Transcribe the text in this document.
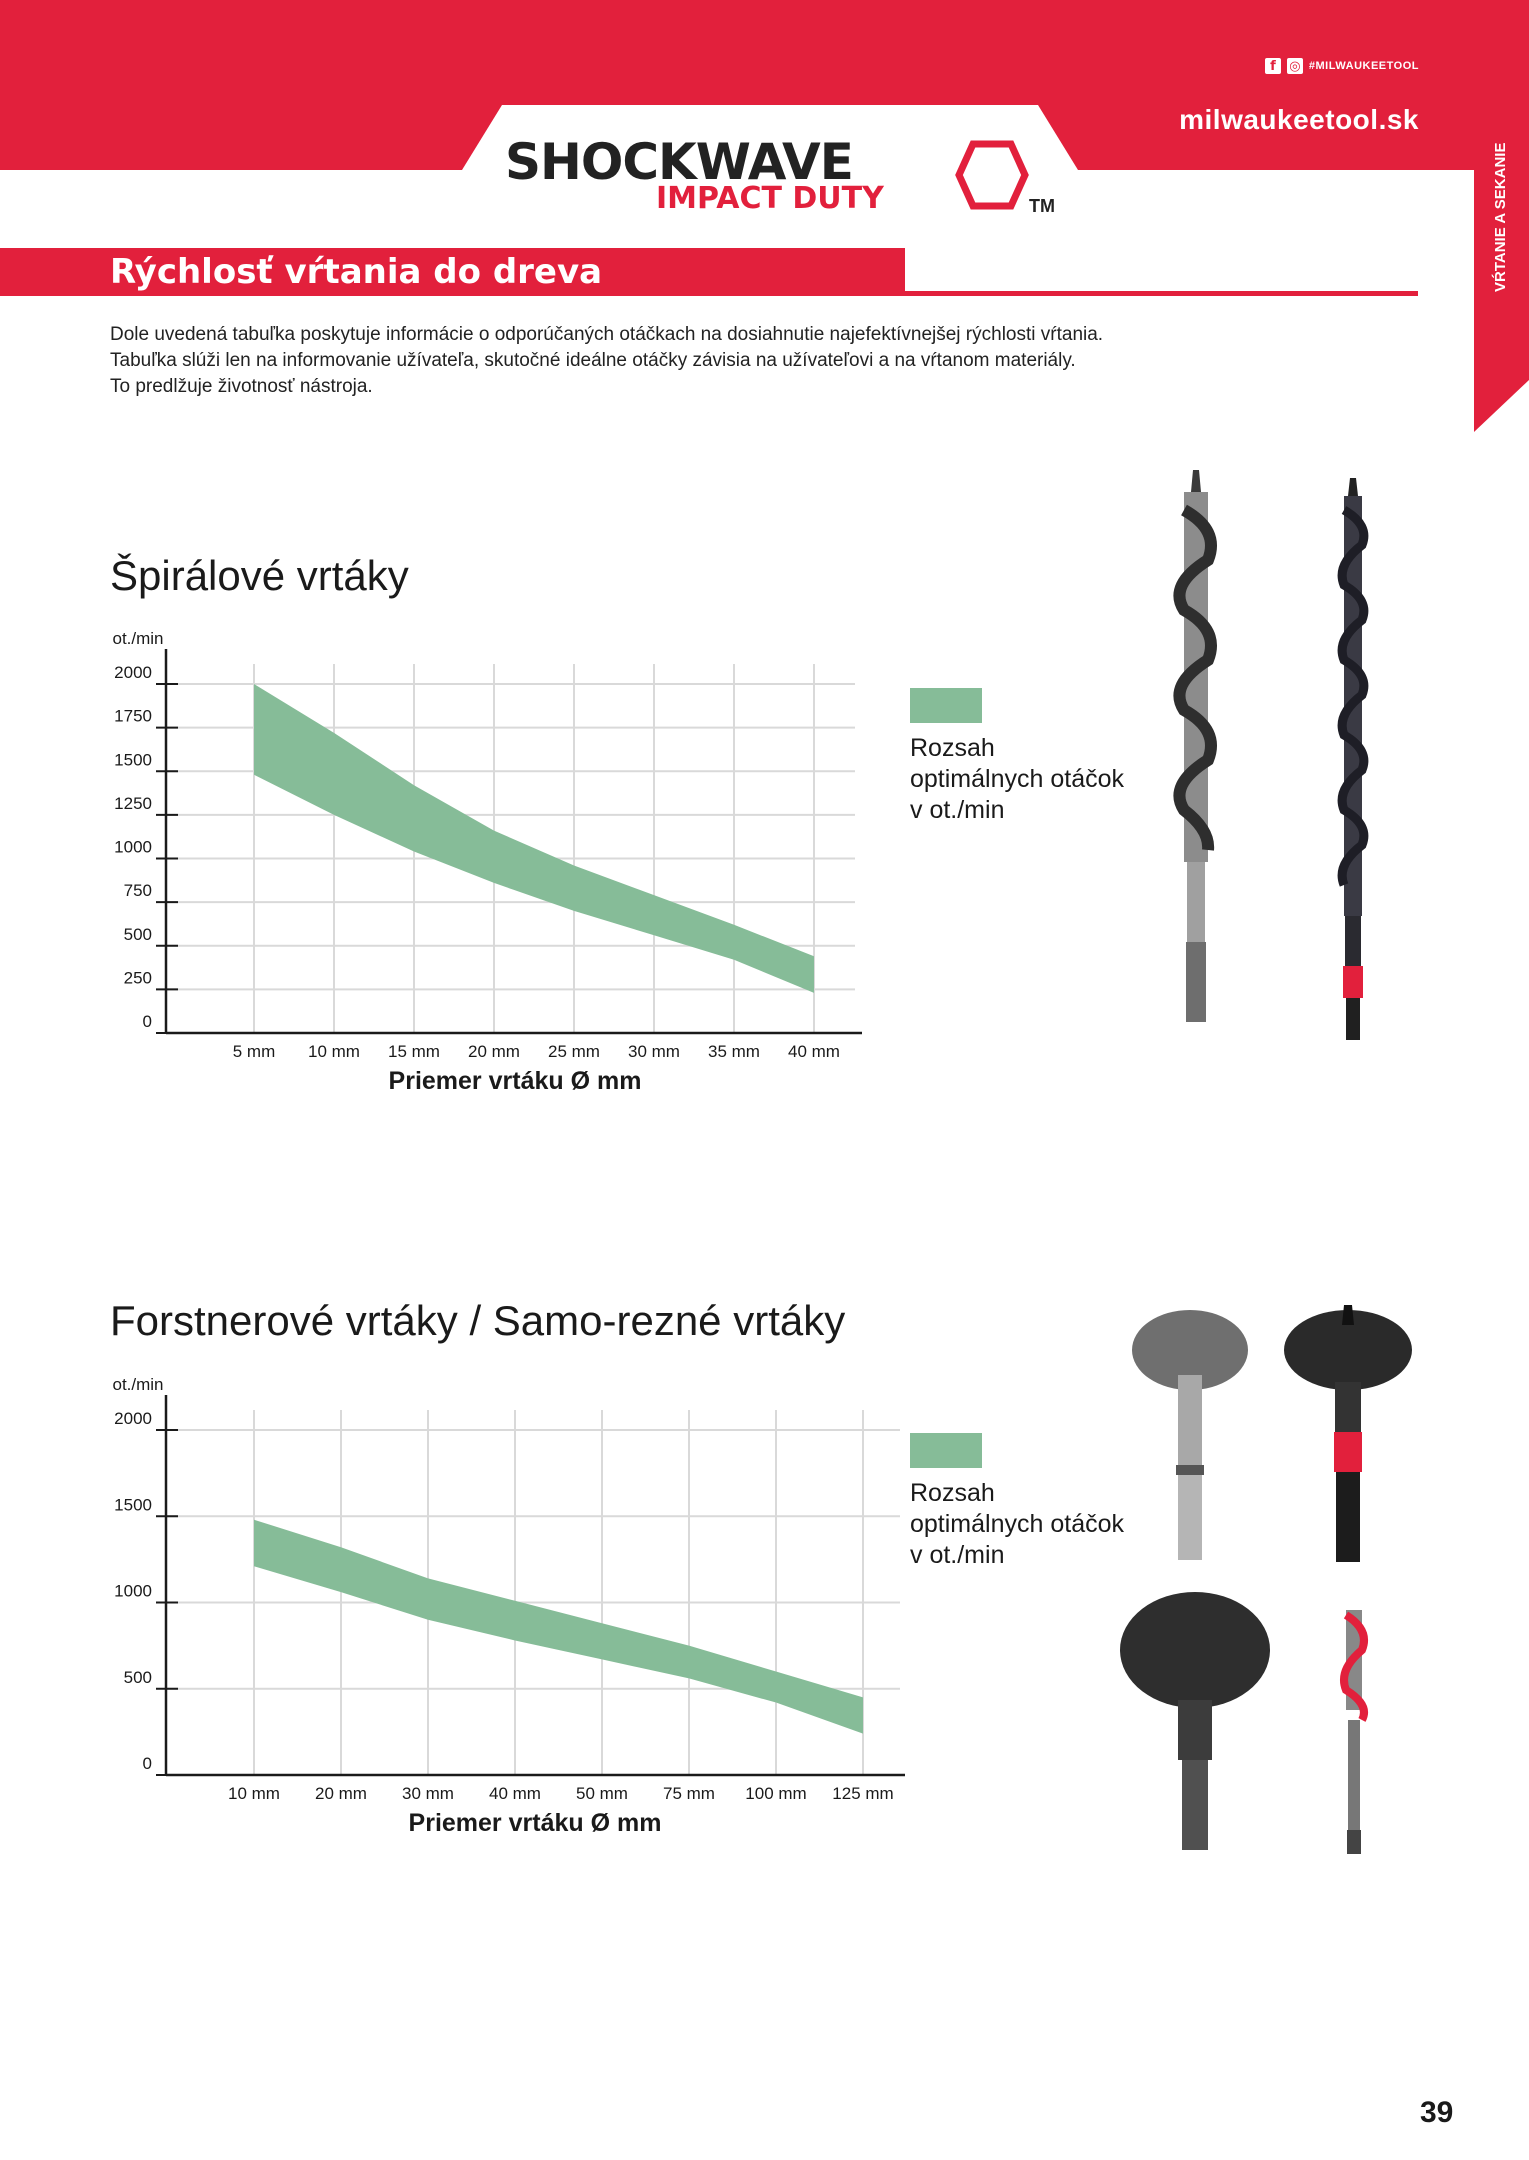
VŔTANIE A SEKANIE
f	◎ #MILWAUKEETOOL
milwaukeetool.sk
SHOCKWAVE
IMPACT DUTY	TM
Rýchlosť vŕtania do dreva
Dole uvedená tabuľka poskytuje informácie o odporúčaných otáčkach na dosiahnutie najefektívnejšej rýchlosti vŕtania.
Tabuľka slúži len na informovanie užívateľa, skutočné ideálne otáčky závisia na užívateľovi a na vŕtanom materiály.
To predlžuje životnosť nástroja.
Špirálové vrtáky
0
250
500
750
1000
1250
1500
1750
2000
5 mm 10 mm 15 mm 20 mm 25 mm 30 mm 35 mm 40 mm
ot./min
Priemer vrtáku Ø mm
Rozsah optimálnych otáčok v ot./min
Forstnerové vrtáky / Samo-rezné vrtáky
0
500
1000
1500
2000
10 mm 20 mm 30 mm 40 mm 50 mm 75 mm 100 mm 125 mm
ot./min
Priemer vrtáku Ø mm
Rozsah optimálnych otáčok v ot./min
39
